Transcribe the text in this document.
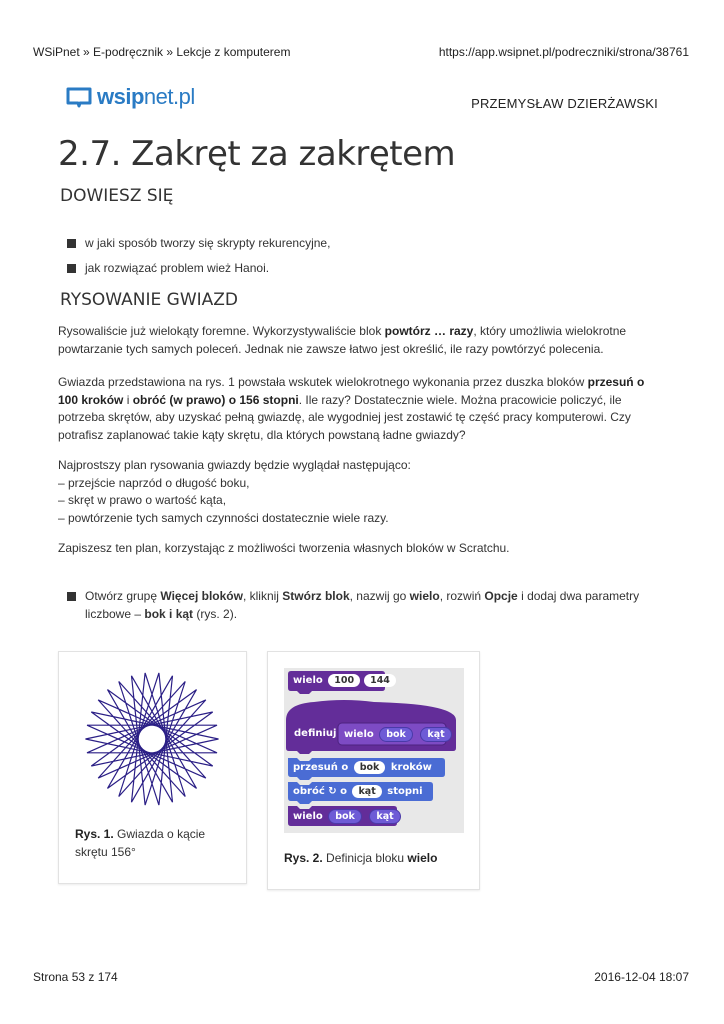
WSiPnet » E-podręcznik » Lekcje z komputerem	https://app.wsipnet.pl/podreczniki/strona/38761
wsip net.pl	PRZEMYSŁAW DZIERŻAWSKI
2.7. Zakręt za zakrętem
DOWIESZ SIĘ
w jaki sposób tworzy się skrypty rekurencyjne,
jak rozwiązać problem wież Hanoi.
RYSOWANIE GWIAZD

Rysowaliście już wielokąty foremne. Wykorzystywaliście blok powtórz … razy, który umożliwia wielokrotne powtarzanie tych samych poleceń. Jednak nie zawsze łatwo jest określić, ile razy powtórzyć polecenia.

Gwiazda przedstawiona na rys. 1 powstała wskutek wielokrotnego wykonania przez duszka bloków przesuń o 100 kroków i obróć (w prawo) o 156 stopni. Ile razy? Dostatecznie wiele. Można pracowicie policzyć, ile potrzeba skrętów, aby uzyskać pełną gwiazdę, ale wygodniej jest zostawić tę część pracy komputerowi. Czy potrafisz zaplanować takie kąty skrętu, dla których powstaną ładne gwiazdy?

Najprostszy plan rysowania gwiazdy będzie wyglądał następująco:
– przejście naprzód o długość boku,
– skręt w prawo o wartość kąta,
– powtórzenie tych samych czynności dostatecznie wiele razy.

Zapiszesz ten plan, korzystając z możliwości tworzenia własnych bloków w Scratchu.

Otwórz grupę Więcej bloków, kliknij Stwórz blok, nazwij go wielo, rozwiń Opcje i dodaj dwa parametry liczbowe – bok i kąt (rys. 2).
Rys. 1. Gwiazda o kącie skrętu 156°
wielo 100 144
definiuj wielo bok kąt
przesuń o bok kroków
obróć ↻ o kąt stopni
wielo bok kąt
Rys. 2. Definicja bloku wielo
Strona 53 z 174	2016-12-04 18:07
